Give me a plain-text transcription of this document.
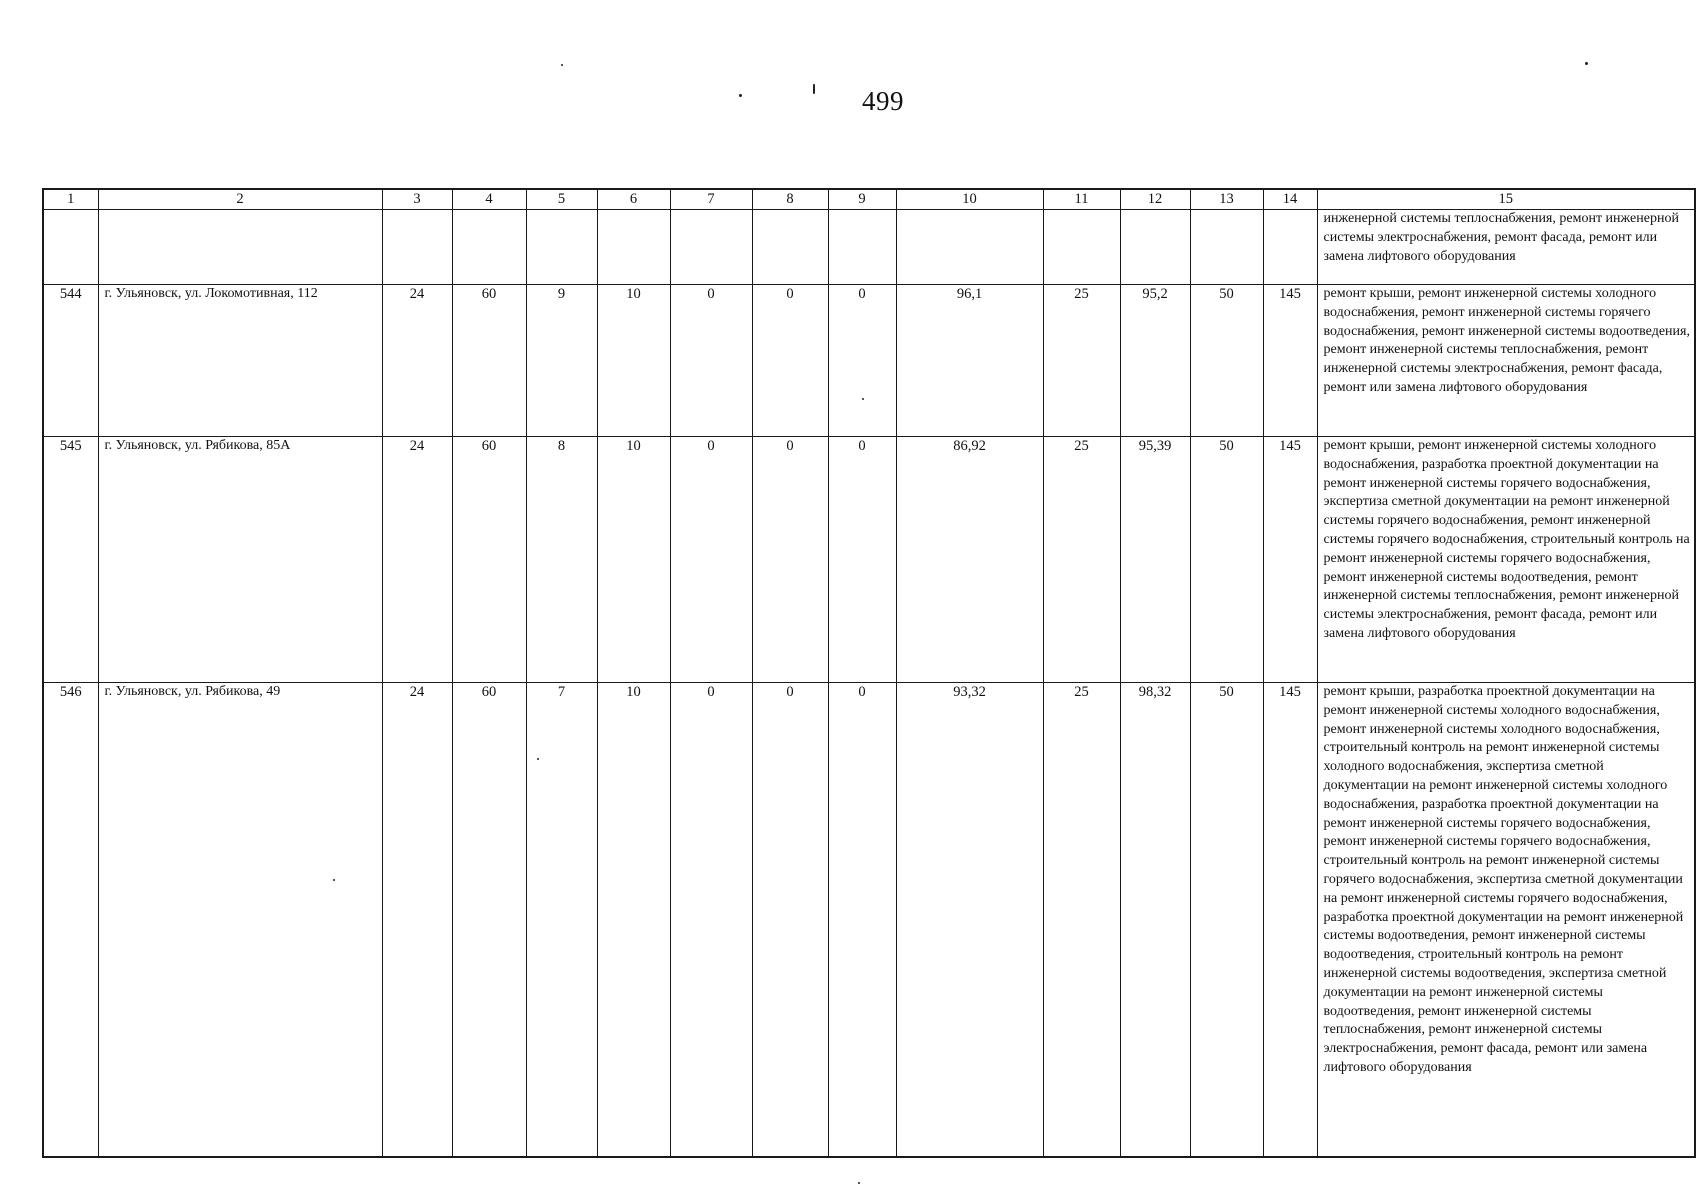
499
1	2	3	4	5	6	7	8	9	10	11	12	13	14	15
														инженерной системы теплоснабжения, ремонт инженерной системы электроснабжения, ремонт фасада, ремонт или замена лифтового оборудования
544	г. Ульяновск, ул. Локомотивная, 112	24	60	9	10	0	0	0	96,1	25	95,2	50	145	ремонт крыши, ремонт инженерной системы холодного водоснабжения, ремонт инженерной системы горячего водоснабжения, ремонт инженерной системы водоотведения, ремонт инженерной системы теплоснабжения, ремонт инженерной системы электроснабжения, ремонт фасада, ремонт или замена лифтового оборудования
545	г. Ульяновск, ул. Рябикова, 85А	24	60	8	10	0	0	0	86,92	25	95,39	50	145	ремонт крыши, ремонт инженерной системы холодного водоснабжения, разработка проектной документации на ремонт инженерной системы горячего водоснабжения, экспертиза сметной документации на ремонт инженерной системы горячего водоснабжения, ремонт инженерной системы горячего водоснабжения, строительный контроль на ремонт инженерной системы горячего водоснабжения, ремонт инженерной системы водоотведения, ремонт инженерной системы теплоснабжения, ремонт инженерной системы электроснабжения, ремонт фасада, ремонт или замена лифтового оборудования
546	г. Ульяновск, ул. Рябикова, 49	24	60	7	10	0	0	0	93,32	25	98,32	50	145	ремонт крыши, разработка проектной документации на ремонт инженерной системы холодного водоснабжения, ремонт инженерной системы холодного водоснабжения, строительный контроль на ремонт инженерной системы холодного водоснабжения, экспертиза сметной документации на ремонт инженерной системы холодного водоснабжения, разработка проектной документации на ремонт инженерной системы горячего водоснабжения, ремонт инженерной системы горячего водоснабжения, строительный контроль на ремонт инженерной системы горячего водоснабжения, экспертиза сметной документации на ремонт инженерной системы горячего водоснабжения, разработка проектной документации на ремонт инженерной системы водоотведения, ремонт инженерной системы водоотведения, строительный контроль на ремонт инженерной системы водоотведения, экспертиза сметной документации на ремонт инженерной системы водоотведения, ремонт инженерной системы теплоснабжения, ремонт инженерной системы электроснабжения, ремонт фасада, ремонт или замена лифтового оборудования
